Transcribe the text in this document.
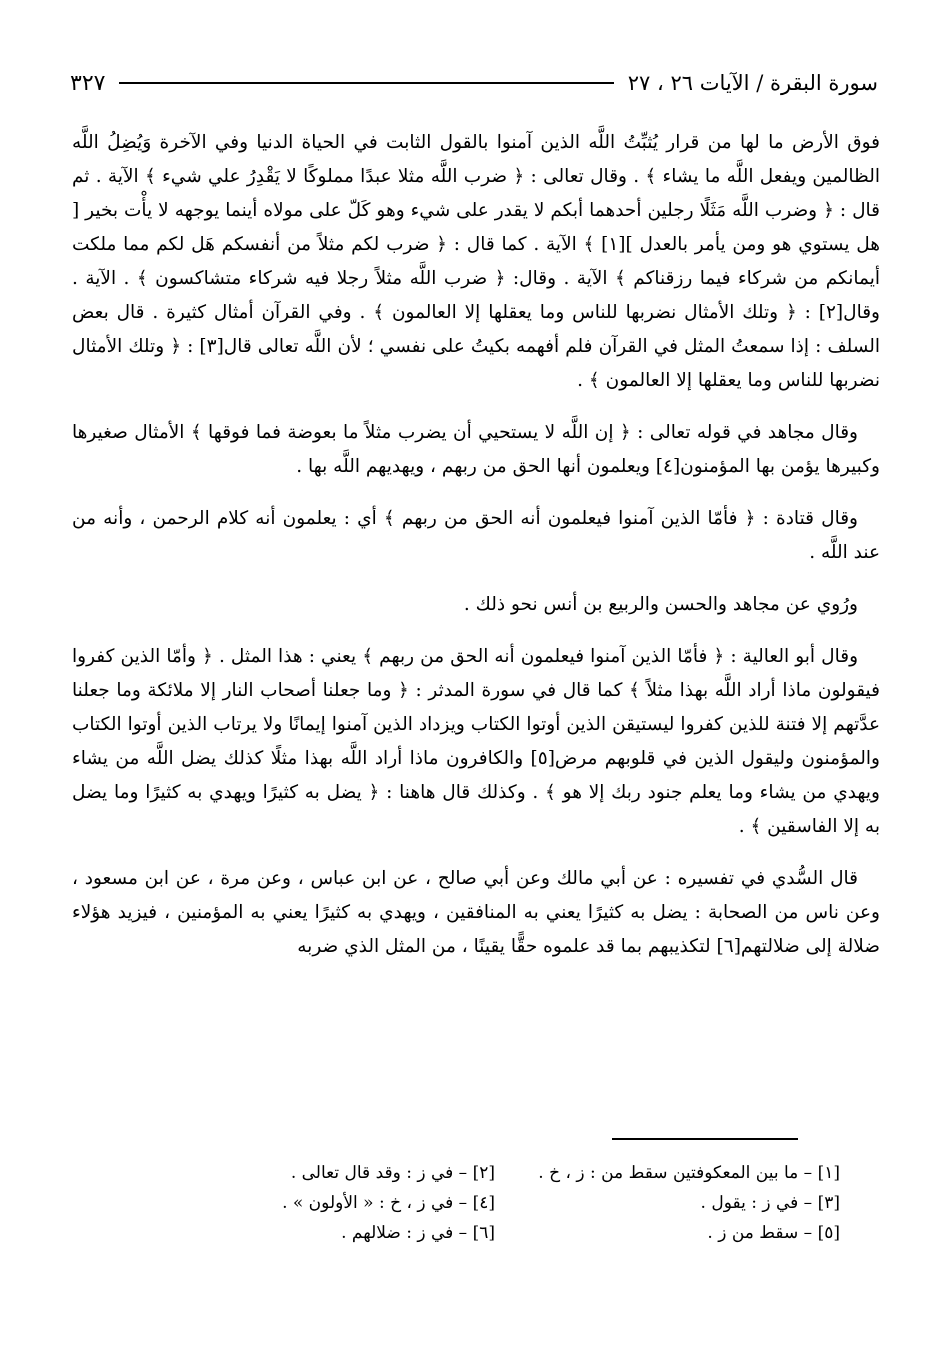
سورة البقرة / الآيات ٢٦ ، ٢٧
٣٢٧

فوق الأرض ما لها من قرار يُثبِّتُ اللَّه الذين آمنوا بالقول الثابت في الحياة الدنيا وفي الآخرة وَيُضِلُ اللَّه الظالمين ويفعل اللَّه ما يشاء ﴾ . وقال تعالى : ﴿ ضرب اللَّه مثلا عبدًا مملوكًا لا يَقْدِرُ علي شيء ﴾ الآية . ثم قال : ﴿ وضرب اللَّه مَثَلًا رجلين أحدهما أبكم لا يقدر على شيء وهو كَلّ على مولاه أينما يوجهه لا يأْت بخير [ هل يستوي هو ومن يأمر بالعدل ][١] ﴾ الآية . كما قال : ﴿ ضرب لكم مثلاً من أنفسكم هَل لكم مما ملكت أيمانكم من شركاء فيما رزقناكم ﴾ الآية . وقال: ﴿ ضرب اللَّه مثلاً رجلا فيه شركاء متشاكسون ﴾ . الآية . وقال[٢] : ﴿ وتلك الأمثال نضربها للناس وما يعقلها إلا العالمون ﴾ . وفي القرآن أمثال كثيرة . قال بعض السلف : إذا سمعتُ المثل في القرآن فلم أفهمه بكيتُ على نفسي ؛ لأن اللَّه تعالى قال[٣] : ﴿ وتلك الأمثال نضربها للناس وما يعقلها إلا العالمون ﴾ .

وقال مجاهد في قوله تعالى : ﴿ إن اللَّه لا يستحيي أن يضرب مثلاً ما بعوضة فما فوقها ﴾ الأمثال صغيرها وكبيرها يؤمن بها المؤمنون[٤] ويعلمون أنها الحق من ربهم ، ويهديهم اللَّه بها .

وقال قتادة : ﴿ فأمّا الذين آمنوا فيعلمون أنه الحق من ربهم ﴾ أي : يعلمون أنه كلام الرحمن ، وأنه من عند اللَّه .

ورُوي عن مجاهد والحسن والربيع بن أنس نحو ذلك .

وقال أبو العالية : ﴿ فأمّا الذين آمنوا فيعلمون أنه الحق من ربهم ﴾ يعني : هذا المثل . ﴿ وأمّا الذين كفروا فيقولون ماذا أراد اللَّه بهذا مثلاً ﴾ كما قال في سورة المدثر : ﴿ وما جعلنا أصحاب النار إلا ملائكة وما جعلنا عدَّتهم إلا فتنة للذين كفروا ليستيقن الذين أوتوا الكتاب ويزداد الذين آمنوا إيمانًا ولا يرتاب الذين أوتوا الكتاب والمؤمنون وليقول الذين في قلوبهم مرض[٥] والكافرون ماذا أراد اللَّه بهذا مثلًا كذلك يضل اللَّه من يشاء ويهدي من يشاء وما يعلم جنود ربك إلا هو ﴾ . وكذلك قال هاهنا : ﴿ يضل به كثيرًا ويهدي به كثيرًا وما يضل به إلا الفاسقين ﴾ .

قال السُّدي في تفسيره : عن أبي مالك وعن أبي صالح ، عن ابن عباس ، وعن مرة ، عن ابن مسعود ، وعن ناس من الصحابة : يضل به كثيرًا يعني به المنافقين ، ويهدي به كثيرًا يعني به المؤمنين ، فيزيد هؤلاء ضلالة إلى ضلالتهم[٦] لتكذيبهم بما قد علموه حقًّا يقينًا ، من المثل الذي ضربه

[١] – ما بين المعكوفتين سقط من : ز ، خ .
[٢] – في ز : وقد قال تعالى .
[٣] – في ز : يقول .
[٤] – في ز ، خ : « الأولون » .
[٥] – سقط من ز .
[٦] – في ز : ضلالهم .
